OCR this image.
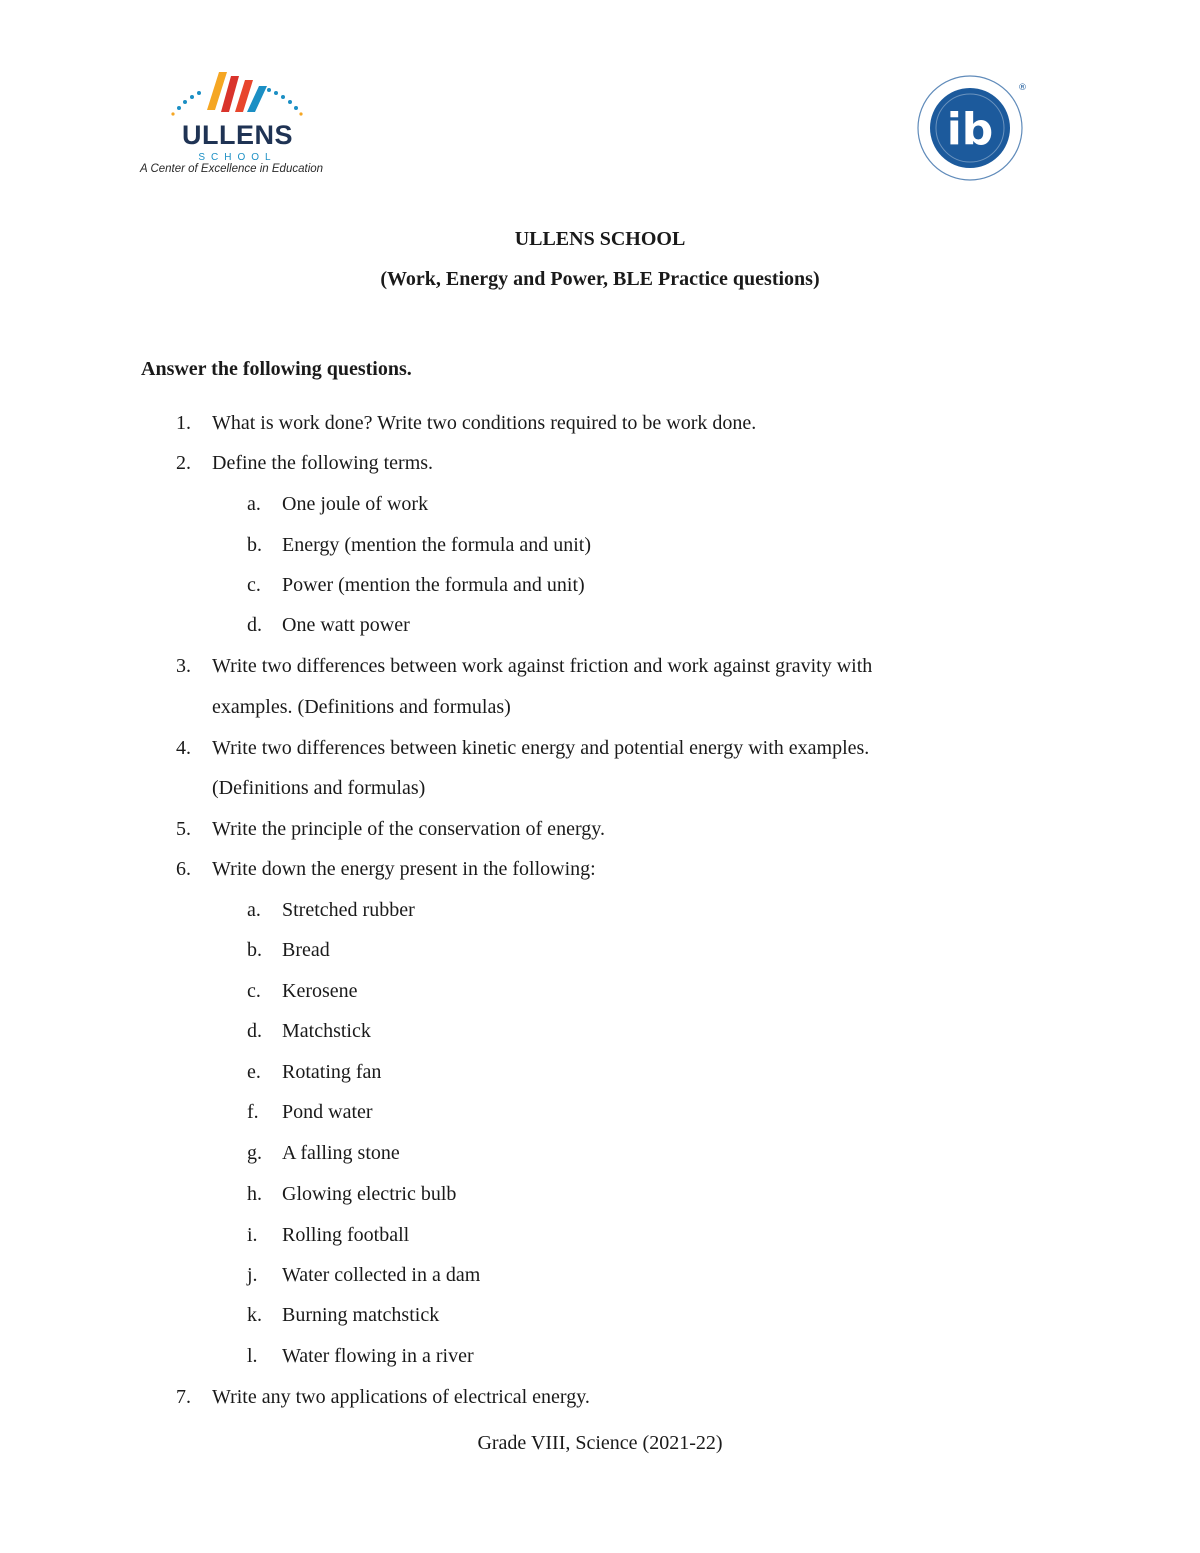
ULLENS
SCHOOL
A Center of Excellence in Education
ib
®
ULLENS SCHOOL
(Work, Energy and Power, BLE Practice questions)
Answer the following questions.
1. What is work done? Write two conditions required to be work done.
2. Define the following terms.
a. One joule of work
b. Energy (mention the formula and unit)
c. Power (mention the formula and unit)
d. One watt power
3. Write two differences between work against friction and work against gravity with
examples. (Definitions and formulas)
4. Write two differences between kinetic energy and potential energy with examples.
(Definitions and formulas)
5. Write the principle of the conservation of energy.
6. Write down the energy present in the following:
a. Stretched rubber
b. Bread
c. Kerosene
d. Matchstick
e. Rotating fan
f. Pond water
g. A falling stone
h. Glowing electric bulb
i. Rolling football
j. Water collected in a dam
k. Burning matchstick
l. Water flowing in a river
7. Write any two applications of electrical energy.
Grade VIII, Science (2021-22)
